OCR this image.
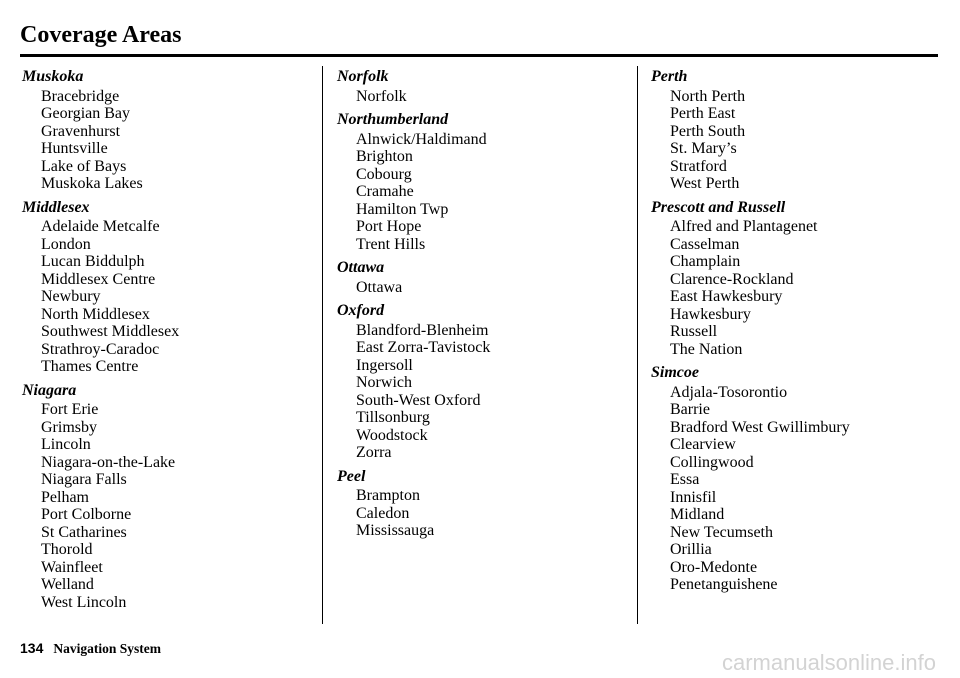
Coverage Areas
Muskoka
Bracebridge
Georgian Bay
Gravenhurst
Huntsville
Lake of Bays
Muskoka Lakes
Middlesex
Adelaide Metcalfe
London
Lucan Biddulph
Middlesex Centre
Newbury
North Middlesex
Southwest Middlesex
Strathroy-Caradoc
Thames Centre
Niagara
Fort Erie
Grimsby
Lincoln
Niagara-on-the-Lake
Niagara Falls
Pelham
Port Colborne
St Catharines
Thorold
Wainfleet
Welland
West Lincoln
Norfolk
Norfolk
Northumberland
Alnwick/Haldimand
Brighton
Cobourg
Cramahe
Hamilton Twp
Port Hope
Trent Hills
Ottawa
Ottawa
Oxford
Blandford-Blenheim
East Zorra-Tavistock
Ingersoll
Norwich
South-West Oxford
Tillsonburg
Woodstock
Zorra
Peel
Brampton
Caledon
Mississauga
Perth
North Perth
Perth East
Perth South
St. Mary’s
Stratford
West Perth
Prescott and Russell
Alfred and Plantagenet
Casselman
Champlain
Clarence-Rockland
East Hawkesbury
Hawkesbury
Russell
The Nation
Simcoe
Adjala-Tosorontio
Barrie
Bradford West Gwillimbury
Clearview
Collingwood
Essa
Innisfil
Midland
New Tecumseth
Orillia
Oro-Medonte
Penetanguishene
134 Navigation System
carmanualsonline.info
